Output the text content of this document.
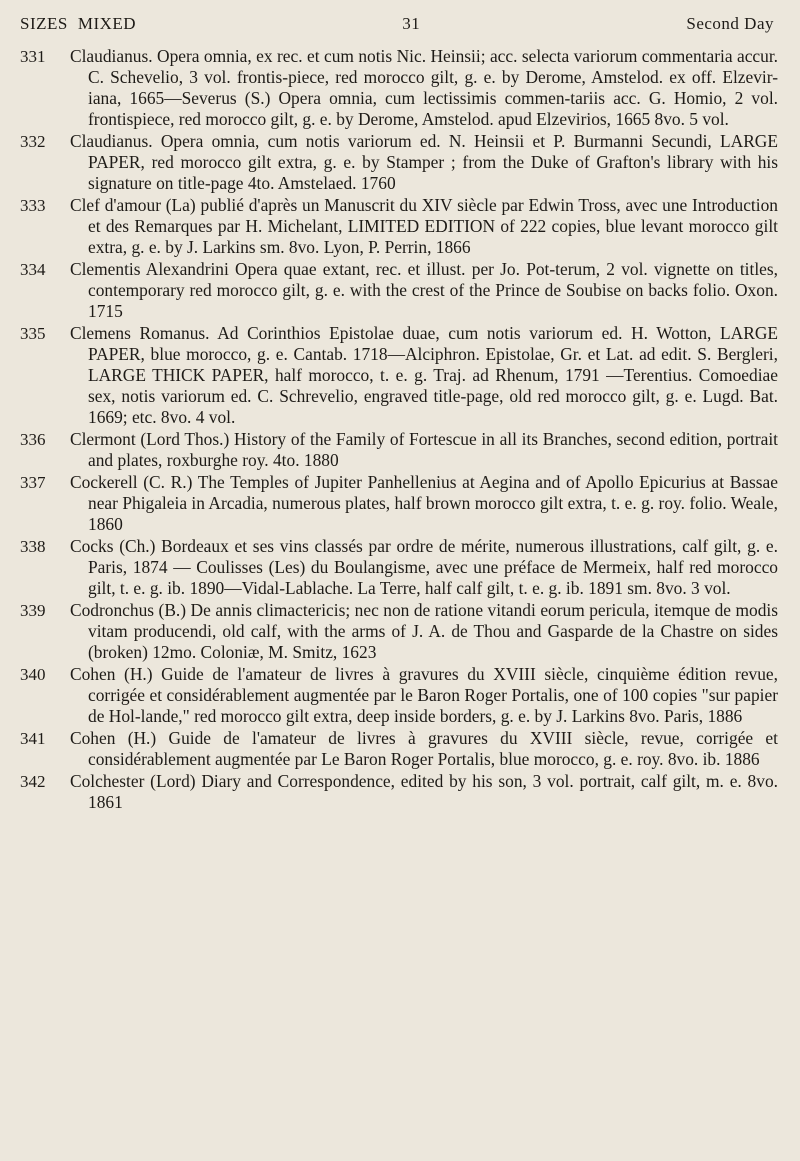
SIZES MIXED	31	Second Day
331	Claudianus. Opera omnia, ex rec. et cum notis Nic. Heinsii; acc. selecta variorum commentaria accur. C. Schevelio, 3 vol. frontis-piece, red morocco gilt, g. e. by Derome, Amstelod. ex off. Elzevir-iana, 1665—Severus (S.) Opera omnia, cum lectissimis commen-tariis acc. G. Homio, 2 vol. frontispiece, red morocco gilt, g. e. by Derome, Amstelod. apud Elzevirios, 1665 8vo. 5 vol.
332	Claudianus. Opera omnia, cum notis variorum ed. N. Heinsii et P. Burmanni Secundi, LARGE PAPER, red morocco gilt extra, g. e. by Stamper ; from the Duke of Grafton's library with his signature on title-page 4to. Amstelaed. 1760
333	Clef d'amour (La) publié d'après un Manuscrit du XIV siècle par Edwin Tross, avec une Introduction et des Remarques par H. Michelant, LIMITED EDITION of 222 copies, blue levant morocco gilt extra, g. e. by J. Larkins sm. 8vo. Lyon, P. Perrin, 1866
334	Clementis Alexandrini Opera quae extant, rec. et illust. per Jo. Pot-terum, 2 vol. vignette on titles, contemporary red morocco gilt, g. e. with the crest of the Prince de Soubise on backs folio. Oxon. 1715
335	Clemens Romanus. Ad Corinthios Epistolae duae, cum notis variorum ed. H. Wotton, LARGE PAPER, blue morocco, g. e. Cantab. 1718—Alciphron. Epistolae, Gr. et Lat. ad edit. S. Bergleri, LARGE THICK PAPER, half morocco, t. e. g. Traj. ad Rhenum, 1791 —Terentius. Comoediae sex, notis variorum ed. C. Schrevelio, engraved title-page, old red morocco gilt, g. e. Lugd. Bat. 1669; etc. 8vo. 4 vol.
336	Clermont (Lord Thos.) History of the Family of Fortescue in all its Branches, second edition, portrait and plates, roxburghe roy. 4to. 1880
337	Cockerell (C. R.) The Temples of Jupiter Panhellenius at Aegina and of Apollo Epicurius at Bassae near Phigaleia in Arcadia, numerous plates, half brown morocco gilt extra, t. e. g. roy. folio. Weale, 1860
338	Cocks (Ch.) Bordeaux et ses vins classés par ordre de mérite, numerous illustrations, calf gilt, g. e. Paris, 1874 — Coulisses (Les) du Boulangisme, avec une préface de Mermeix, half red morocco gilt, t. e. g. ib. 1890—Vidal-Lablache. La Terre, half calf gilt, t. e. g. ib. 1891 sm. 8vo. 3 vol.
339	Codronchus (B.) De annis climactericis; nec non de ratione vitandi eorum pericula, itemque de modis vitam producendi, old calf, with the arms of J. A. de Thou and Gasparde de la Chastre on sides (broken) 12mo. Coloniæ, M. Smitz, 1623
340	Cohen (H.) Guide de l'amateur de livres à gravures du XVIII siècle, cinquième édition revue, corrigée et considérablement augmentée par le Baron Roger Portalis, one of 100 copies "sur papier de Hol-lande," red morocco gilt extra, deep inside borders, g. e. by J. Larkins 8vo. Paris, 1886
341	Cohen (H.) Guide de l'amateur de livres à gravures du XVIII siècle, revue, corrigée et considérablement augmentée par Le Baron Roger Portalis, blue morocco, g. e. roy. 8vo. ib. 1886
342	Colchester (Lord) Diary and Correspondence, edited by his son, 3 vol. portrait, calf gilt, m. e. 8vo. 1861
